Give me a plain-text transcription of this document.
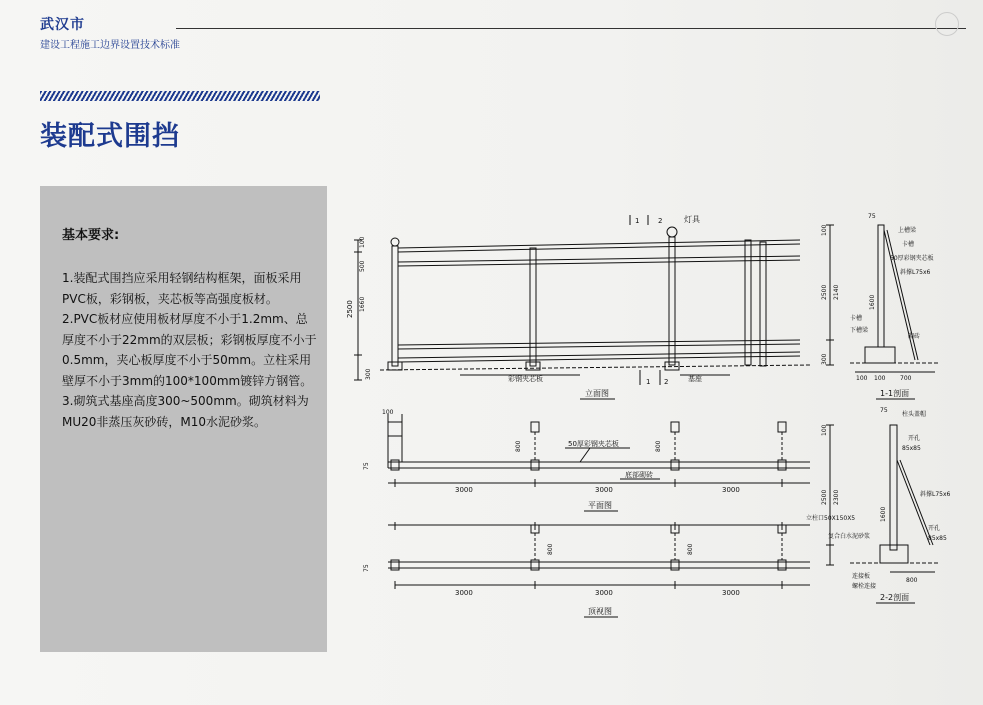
武汉市
建设工程施工边界设置技术标准
装配式围挡
基本要求:

1.装配式围挡应采用轻钢结构框架，面板采用PVC板，彩钢板，夹芯板等高强度板材。

2.PVC板材应使用板材厚度不小于1.2mm、总厚度不小于22mm的双层板；彩钢板厚度不小于0.5mm，夹心板厚度不小于50mm。立柱采用壁厚不小于3mm的100*100mm镀锌方钢管。

3.砌筑式基座高度300~500mm。砌筑材料为MU20非蒸压灰砂砖，M10水泥砂浆。

100
2500 1660
500
300
1	2	灯具
1 2
彩钢夹芯板	基座
立面图
100
800	800
75
50厚彩钢夹芯板
底部砌砖
3000	3000	3000
平面图
800	800
75
3000	3000	3000
顶视图
2500 2140
300
100
75
上槽梁
卡槽
50厚彩钢夹芯板
斜撑L75x6
卡槽
下槽梁
砌砖
1600
100 100 700
1-1剖面
2500 2300
100
75
柱头盖帽
开孔
85x85
斜撑L75x6
立柱口50X150X5
复合白水泥砂浆
开孔
85x85
连接板
螺栓连接
1600
800
2-2剖面
